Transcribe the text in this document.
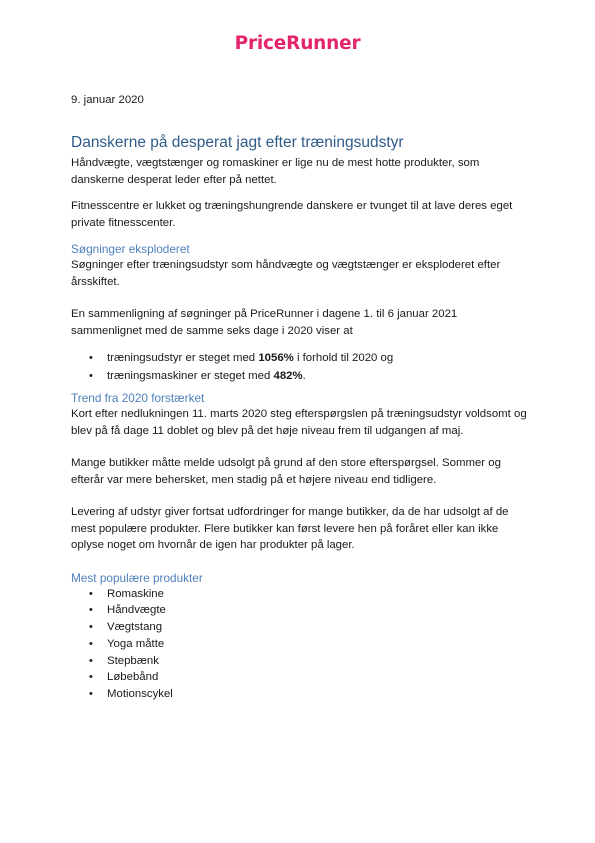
PriceRunner
9. januar 2020
Danskerne på desperat jagt efter træningsudstyr

Håndvægte, vægtstænger og romaskiner er lige nu de mest hotte produkter, som danskerne desperat leder efter på nettet.

Fitnesscentre er lukket og træningshungrende danskere er tvunget til at lave deres eget private fitnesscenter.

Søgninger eksploderet

Søgninger efter træningsudstyr som håndvægte og vægtstænger er eksploderet efter årsskiftet.

En sammenligning af søgninger på PriceRunner i dagene 1. til 6 januar 2021 sammenlignet med de samme seks dage i 2020 viser at

• træningsudstyr er steget med 1056% i forhold til 2020 og
• træningsmaskiner er steget med 482%.
Trend fra 2020 forstærket

Kort efter nedlukningen 11. marts 2020 steg efterspørgslen på træningsudstyr voldsomt og blev på få dage 11 doblet og blev på det høje niveau frem til udgangen af maj.

Mange butikker måtte melde udsolgt på grund af den store efterspørgsel. Sommer og efterår var mere behersket, men stadig på et højere niveau end tidligere.

Levering af udstyr giver fortsat udfordringer for mange butikker, da de har udsolgt af de mest populære produkter. Flere butikker kan først levere hen på foråret eller kan ikke oplyse noget om hvornår de igen har produkter på lager.

Mest populære produkter
• Romaskine
• Håndvægte
• Vægtstang
• Yoga måtte
• Stepbænk
• Løbebånd
• Motionscykel
